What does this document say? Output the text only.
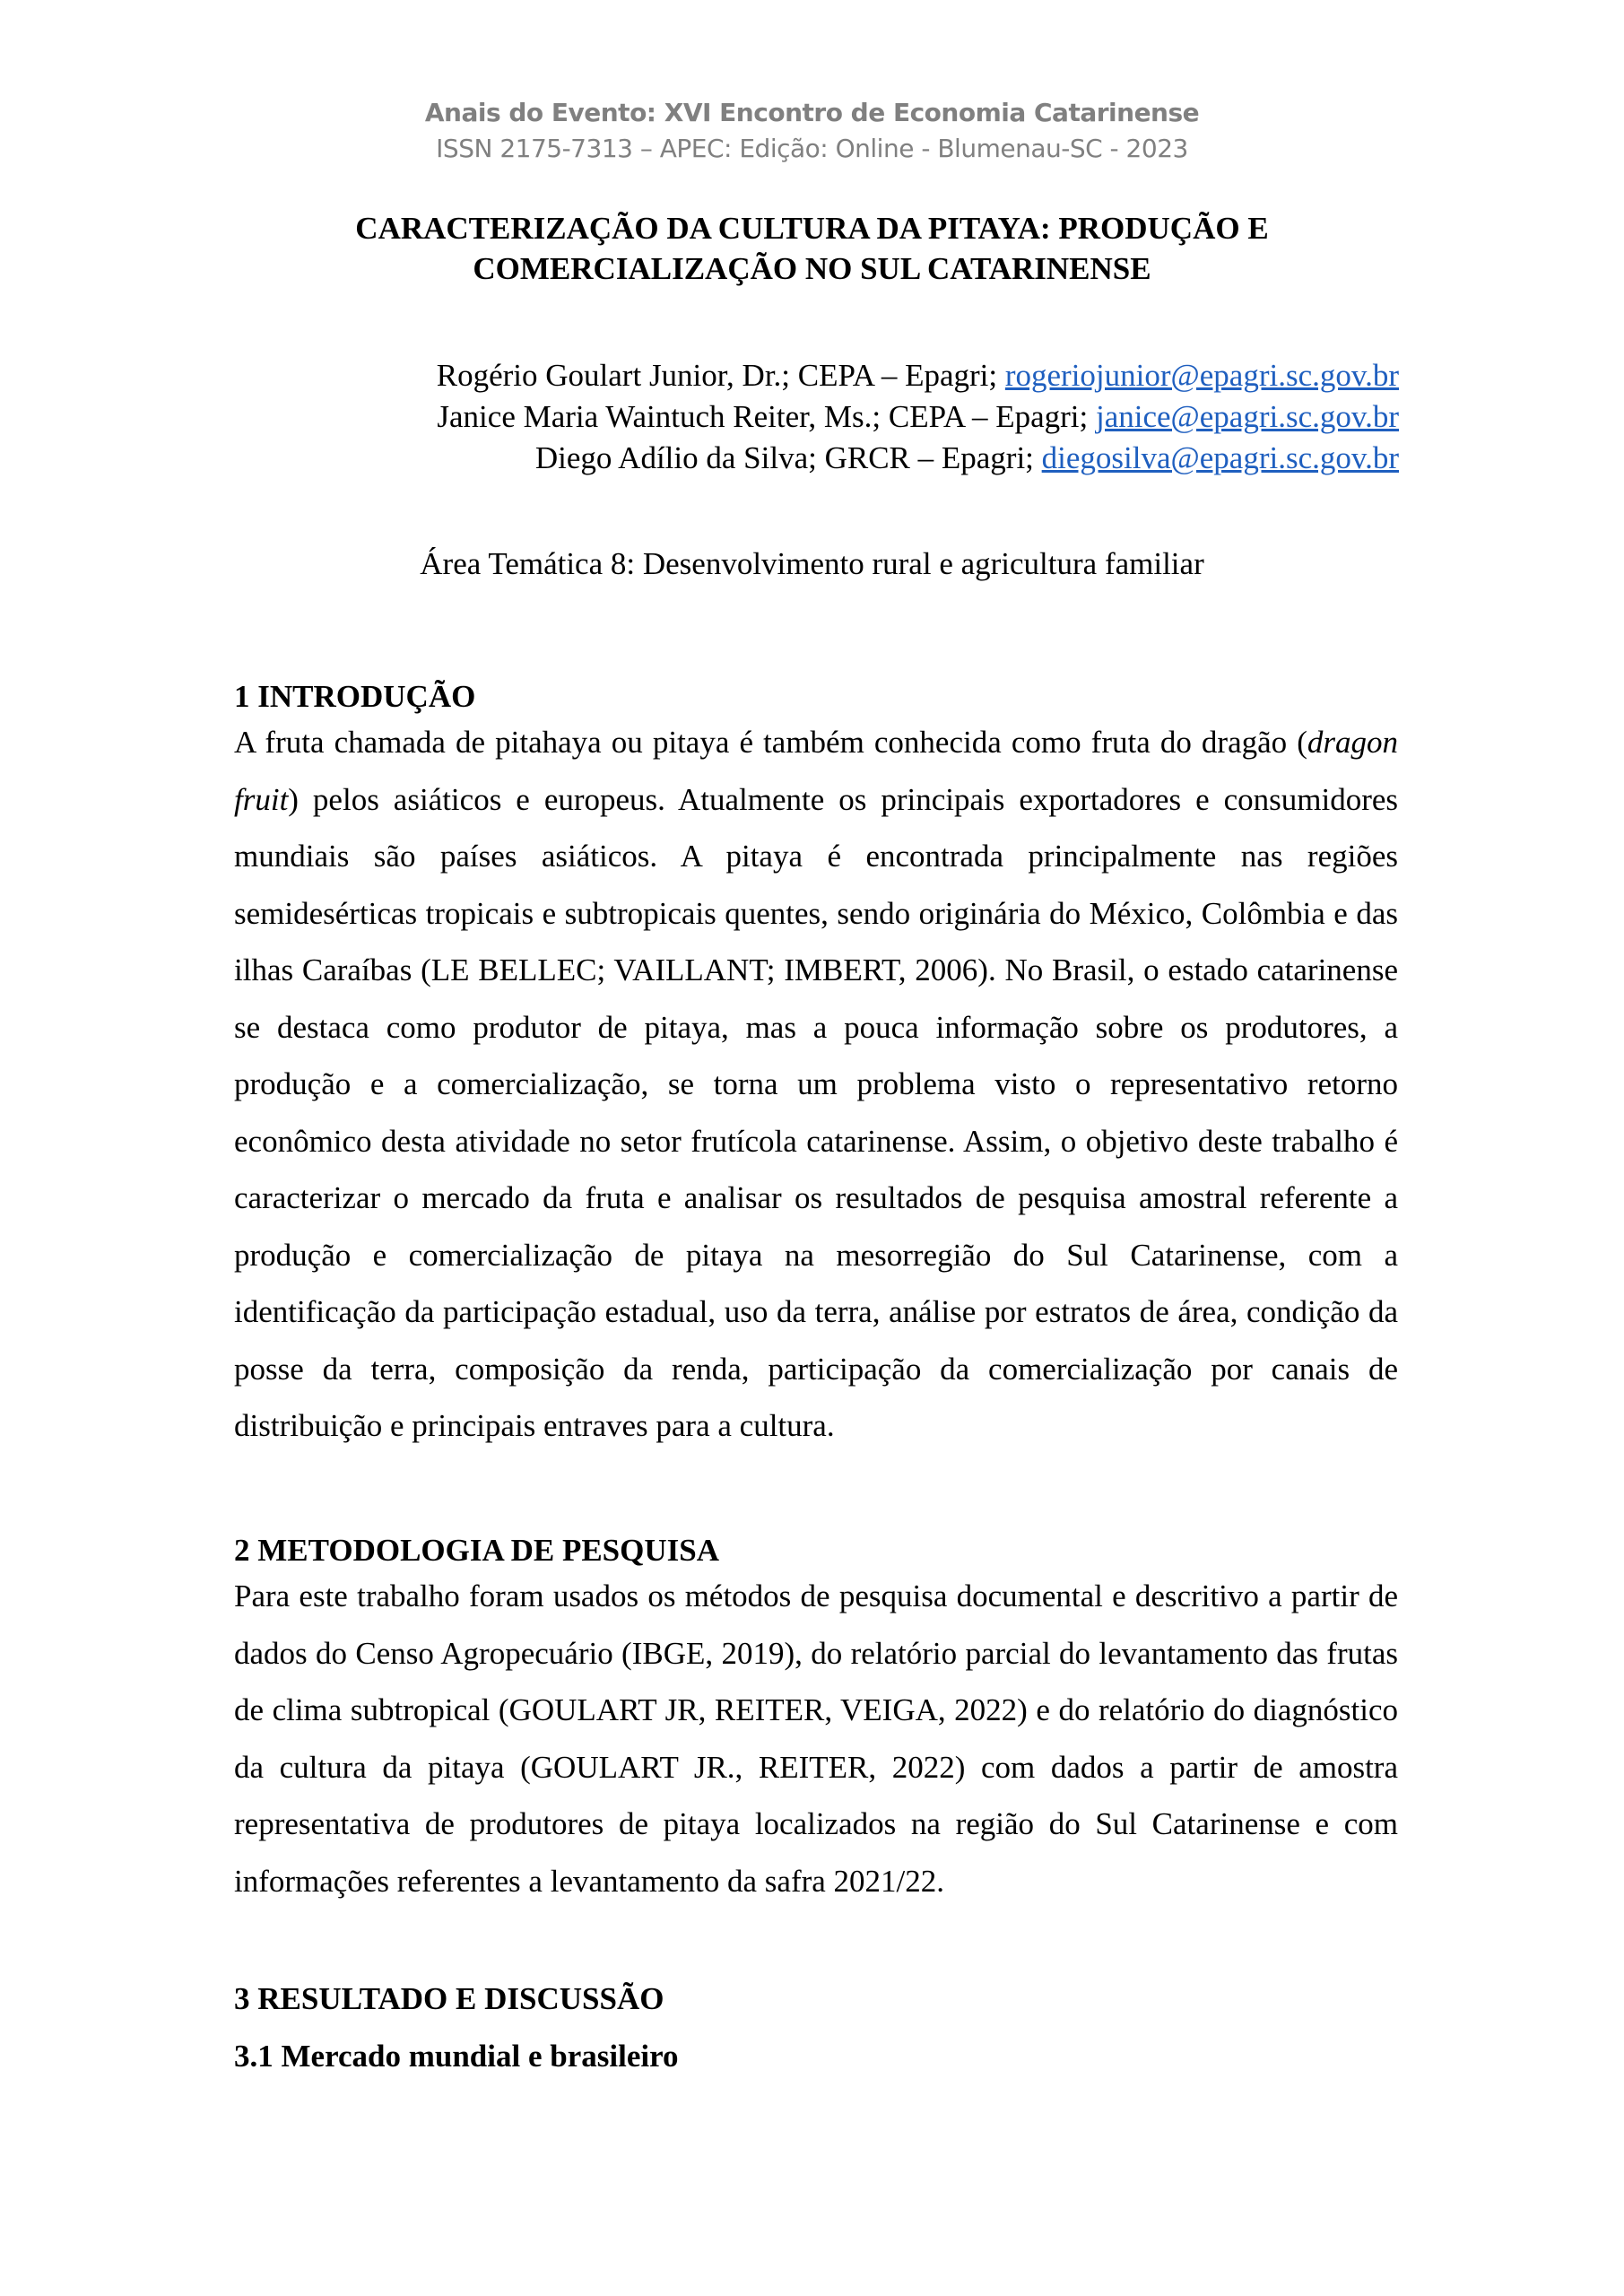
Anais do Evento: XVI Encontro de Economia Catarinense
ISSN 2175-7313 – APEC: Edição: Online - Blumenau-SC - 2023
CARACTERIZAÇÃO DA CULTURA DA PITAYA: PRODUÇÃO E
COMERCIALIZAÇÃO NO SUL CATARINENSE
Rogério Goulart Junior, Dr.; CEPA – Epagri; rogeriojunior@epagri.sc.gov.br
Janice Maria Waintuch Reiter, Ms.; CEPA – Epagri; janice@epagri.sc.gov.br
Diego Adílio da Silva; GRCR – Epagri; diegosilva@epagri.sc.gov.br
Área Temática 8: Desenvolvimento rural e agricultura familiar
1 INTRODUÇÃO

A fruta chamada de pitahaya ou pitaya é também conhecida como fruta do dragão (dragon fruit) pelos asiáticos e europeus. Atualmente os principais exportadores e consumidores mundiais são países asiáticos. A pitaya é encontrada principalmente nas regiões semidesérticas tropicais e subtropicais quentes, sendo originária do México, Colômbia e das ilhas Caraíbas (LE BELLEC; VAILLANT; IMBERT, 2006). No Brasil, o estado catarinense se destaca como produtor de pitaya, mas a pouca informação sobre os produtores, a produção e a comercialização, se torna um problema visto o representativo retorno econômico desta atividade no setor frutícola catarinense. Assim, o objetivo deste trabalho é caracterizar o mercado da fruta e analisar os resultados de pesquisa amostral referente a produção e comercialização de pitaya na mesorregião do Sul Catarinense, com a identificação da participação estadual, uso da terra, análise por estratos de área, condição da posse da terra, composição da renda, participação da comercialização por canais de distribuição e principais entraves para a cultura.

2 METODOLOGIA DE PESQUISA

Para este trabalho foram usados os métodos de pesquisa documental e descritivo a partir de dados do Censo Agropecuário (IBGE, 2019), do relatório parcial do levantamento das frutas de clima subtropical (GOULART JR, REITER, VEIGA, 2022) e do relatório do diagnóstico da cultura da pitaya (GOULART JR., REITER, 2022) com dados a partir de amostra representativa de produtores de pitaya localizados na região do Sul Catarinense e com informações referentes a levantamento da safra 2021/22.

3 RESULTADO E DISCUSSÃO
3.1 Mercado mundial e brasileiro
